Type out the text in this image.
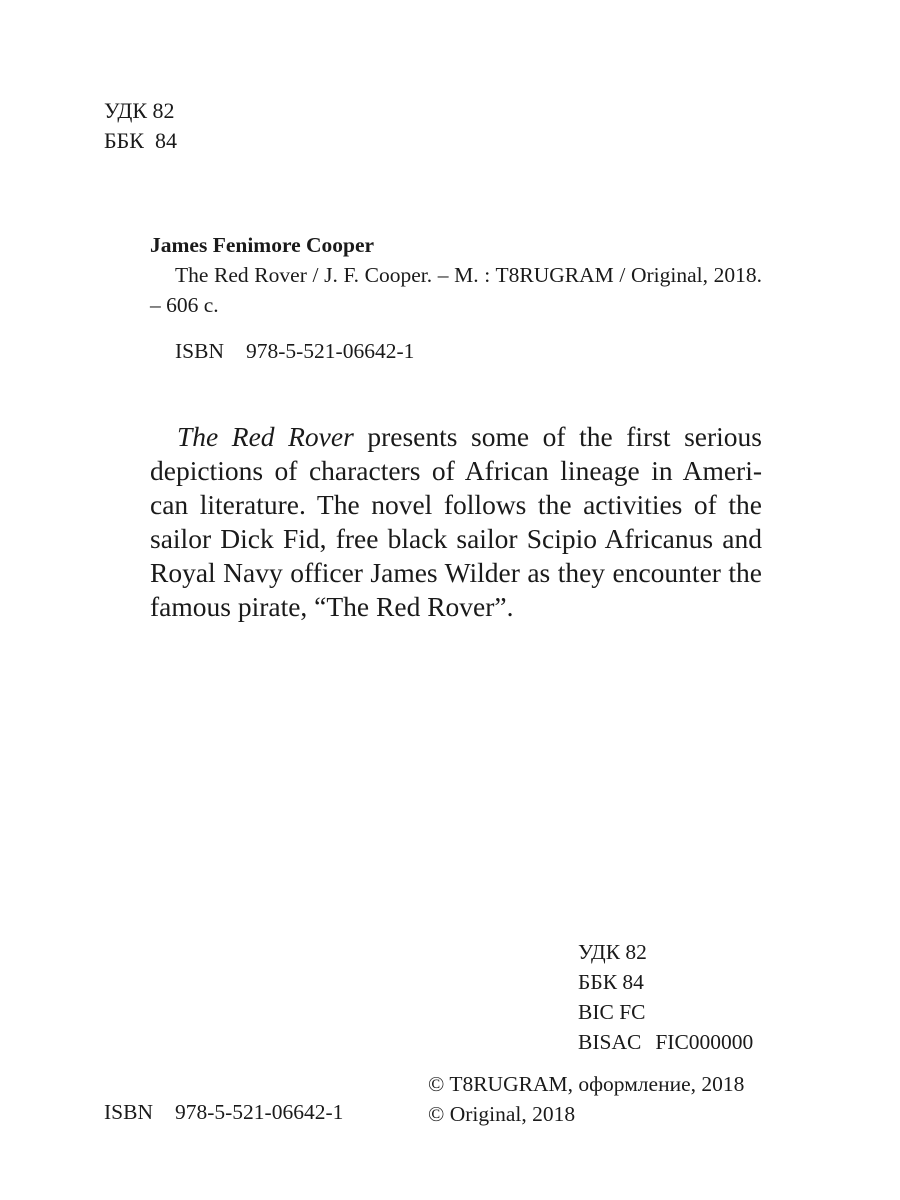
УДК 82
ББК  84
James Fenimore Cooper
The Red Rover / J. F. Cooper. – M. : T8RUGRAM / Original, 2018. – 606 c.
ISBN 978-5-521-06642-1

The Red Rover presents some of the first serious depictions of characters of African lineage in Ameri-can literature. The novel follows the activities of the sailor Dick Fid, free black sailor Scipio Africanus and Royal Navy officer James Wilder as they encounter the famous pirate, “The Red Rover”.

УДК 82
ББК 84
BIC FC
BISAC FIC000000
© T8RUGRAM, оформление, 2018
© Original, 2018
ISBN 978-5-521-06642-1
